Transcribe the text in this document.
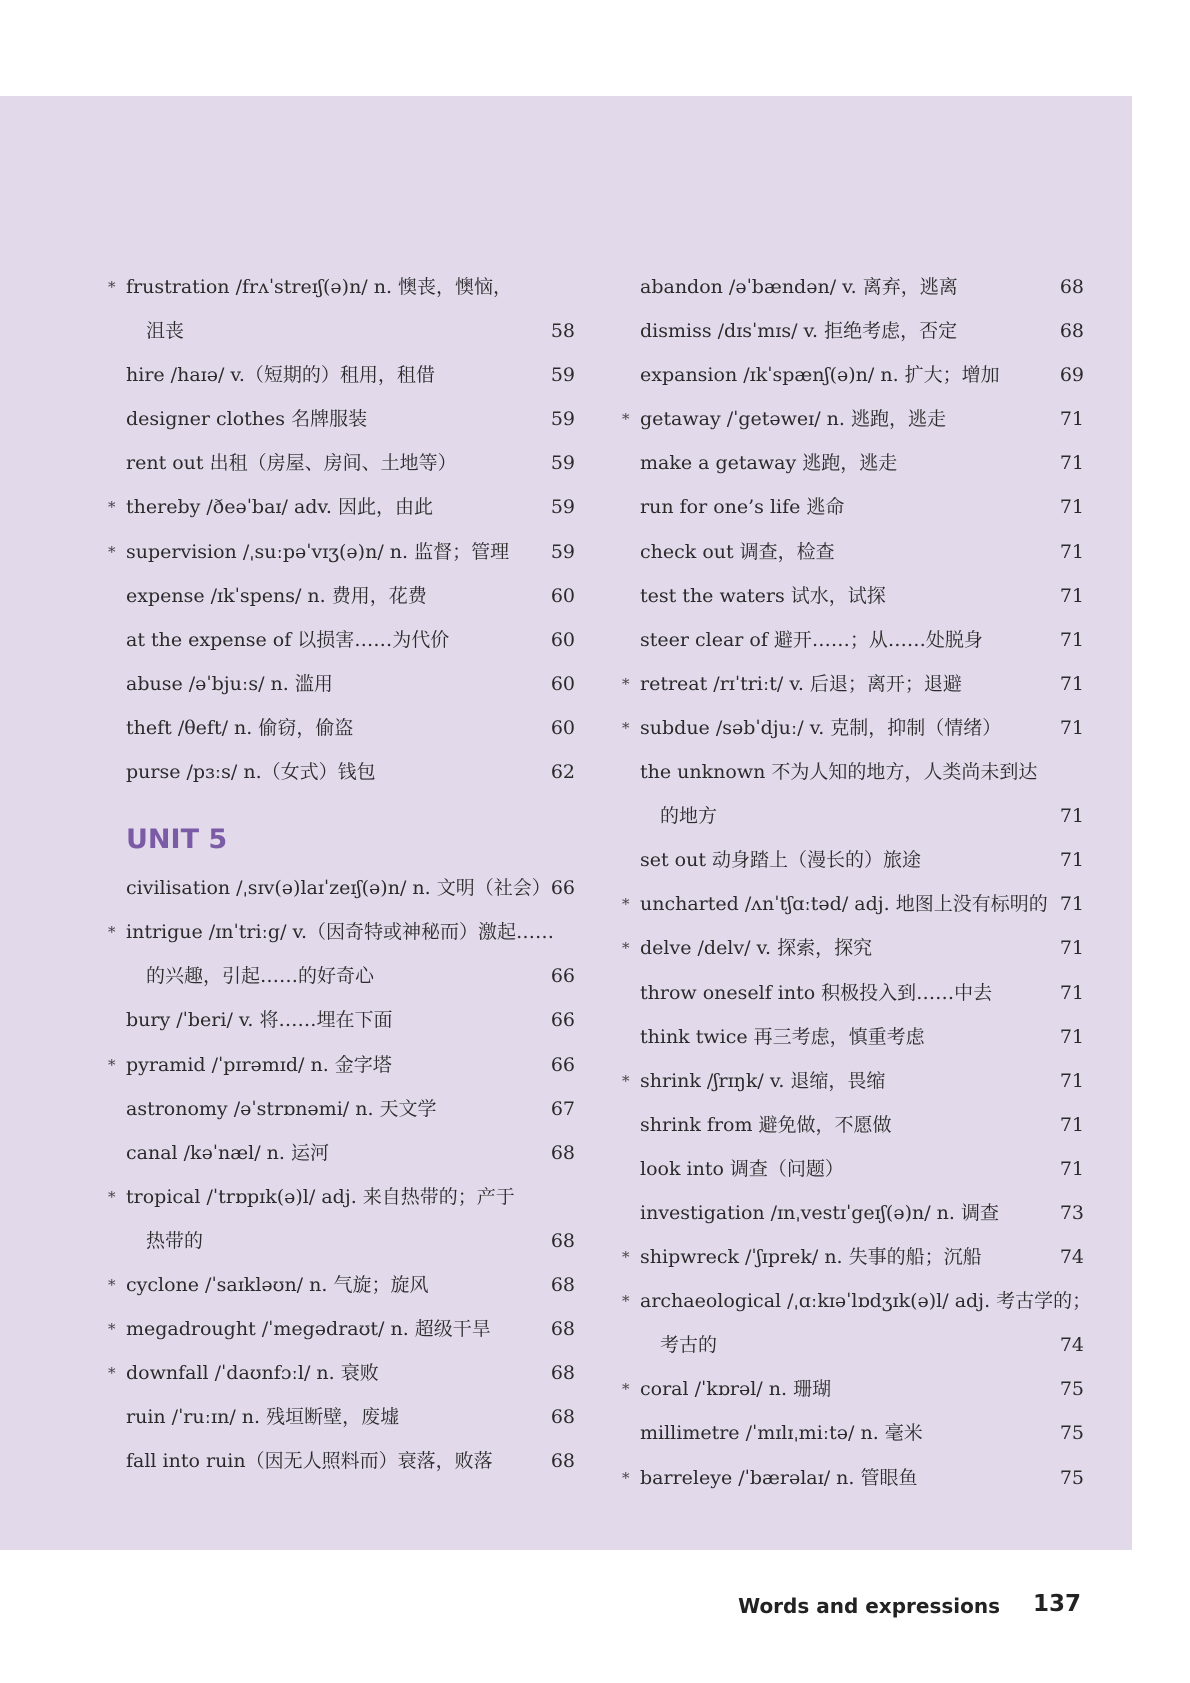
* frustration /frʌˈstreɪʃ(ə)n/ n. 懊丧，懊恼，
沮丧	58
hire /haɪə/ v.（短期的）租用，租借	59
designer clothes 名牌服装	59
rent out 出租（房屋、房间、土地等）	59
* thereby /ðeəˈbaɪ/ adv. 因此，由此	59
* supervision /ˌsuːpəˈvɪʒ(ə)n/ n. 监督；管理 59
expense /ɪkˈspens/ n. 费用，花费	60
at the expense of 以损害……为代价	60
abuse /əˈbjuːs/ n. 滥用	60
theft /θeft/ n. 偷窃，偷盗	60
purse /pɜːs/ n.（女式）钱包	62
UNIT 5
civilisation /ˌsɪv(ə)laɪˈzeɪʃ(ə)n/ n. 文明（社会） 66
* intrigue /ɪnˈtriːg/ v.（因奇特或神秘而）激起……
的兴趣，引起……的好奇心	66
bury /ˈberi/ v. 将……埋在下面	66
* pyramid /ˈpɪrəmɪd/ n. 金字塔	66
astronomy /əˈstrɒnəmi/ n. 天文学	67
canal /kəˈnæl/ n. 运河	68
* tropical /ˈtrɒpɪk(ə)l/ adj. 来自热带的；产于
热带的	68
* cyclone /ˈsaɪkləʊn/ n. 气旋；旋风	68
* megadrought /ˈmegədraʊt/ n. 超级干旱	68
* downfall /ˈdaʊnfɔːl/ n. 衰败	68
ruin /ˈruːɪn/ n. 残垣断壁，废墟	68
fall into ruin（因无人照料而）衰落，败落	68
abandon /əˈbændən/ v. 离弃，逃离	68
dismiss /dɪsˈmɪs/ v. 拒绝考虑，否定	68
expansion /ɪkˈspænʃ(ə)n/ n. 扩大；增加	69
* getaway /ˈgetəweɪ/ n. 逃跑，逃走	71
make a getaway 逃跑，逃走	71
run for one’s life 逃命	71
check out 调查，检查	71
test the waters 试水，试探	71
steer clear of 避开……；从……处脱身	71
* retreat /rɪˈtriːt/ v. 后退；离开；退避	71
* subdue /səbˈdjuː/ v. 克制，抑制（情绪）	71
the unknown 不为人知的地方，人类尚未到达
的地方	71
set out 动身踏上（漫长的）旅途	71
* uncharted /ʌnˈtʃɑːtəd/ adj. 地图上没有标明的 71
* delve /delv/ v. 探索，探究	71
throw oneself into 积极投入到……中去	71
think twice 再三考虑，慎重考虑	71
* shrink /ʃrɪŋk/ v. 退缩，畏缩	71
shrink from 避免做，不愿做	71
look into 调查（问题）	71
investigation /ɪnˌvestɪˈgeɪʃ(ə)n/ n. 调查	73
* shipwreck /ˈʃɪprek/ n. 失事的船；沉船	74
* archaeological /ˌɑːkɪəˈlɒdʒɪk(ə)l/ adj. 考古学的；
考古的	74
* coral /ˈkɒrəl/ n. 珊瑚	75
millimetre /ˈmɪlɪˌmiːtə/ n. 毫米	75
* barreleye /ˈbærəlaɪ/ n. 管眼鱼	75
Words and expressions 137
